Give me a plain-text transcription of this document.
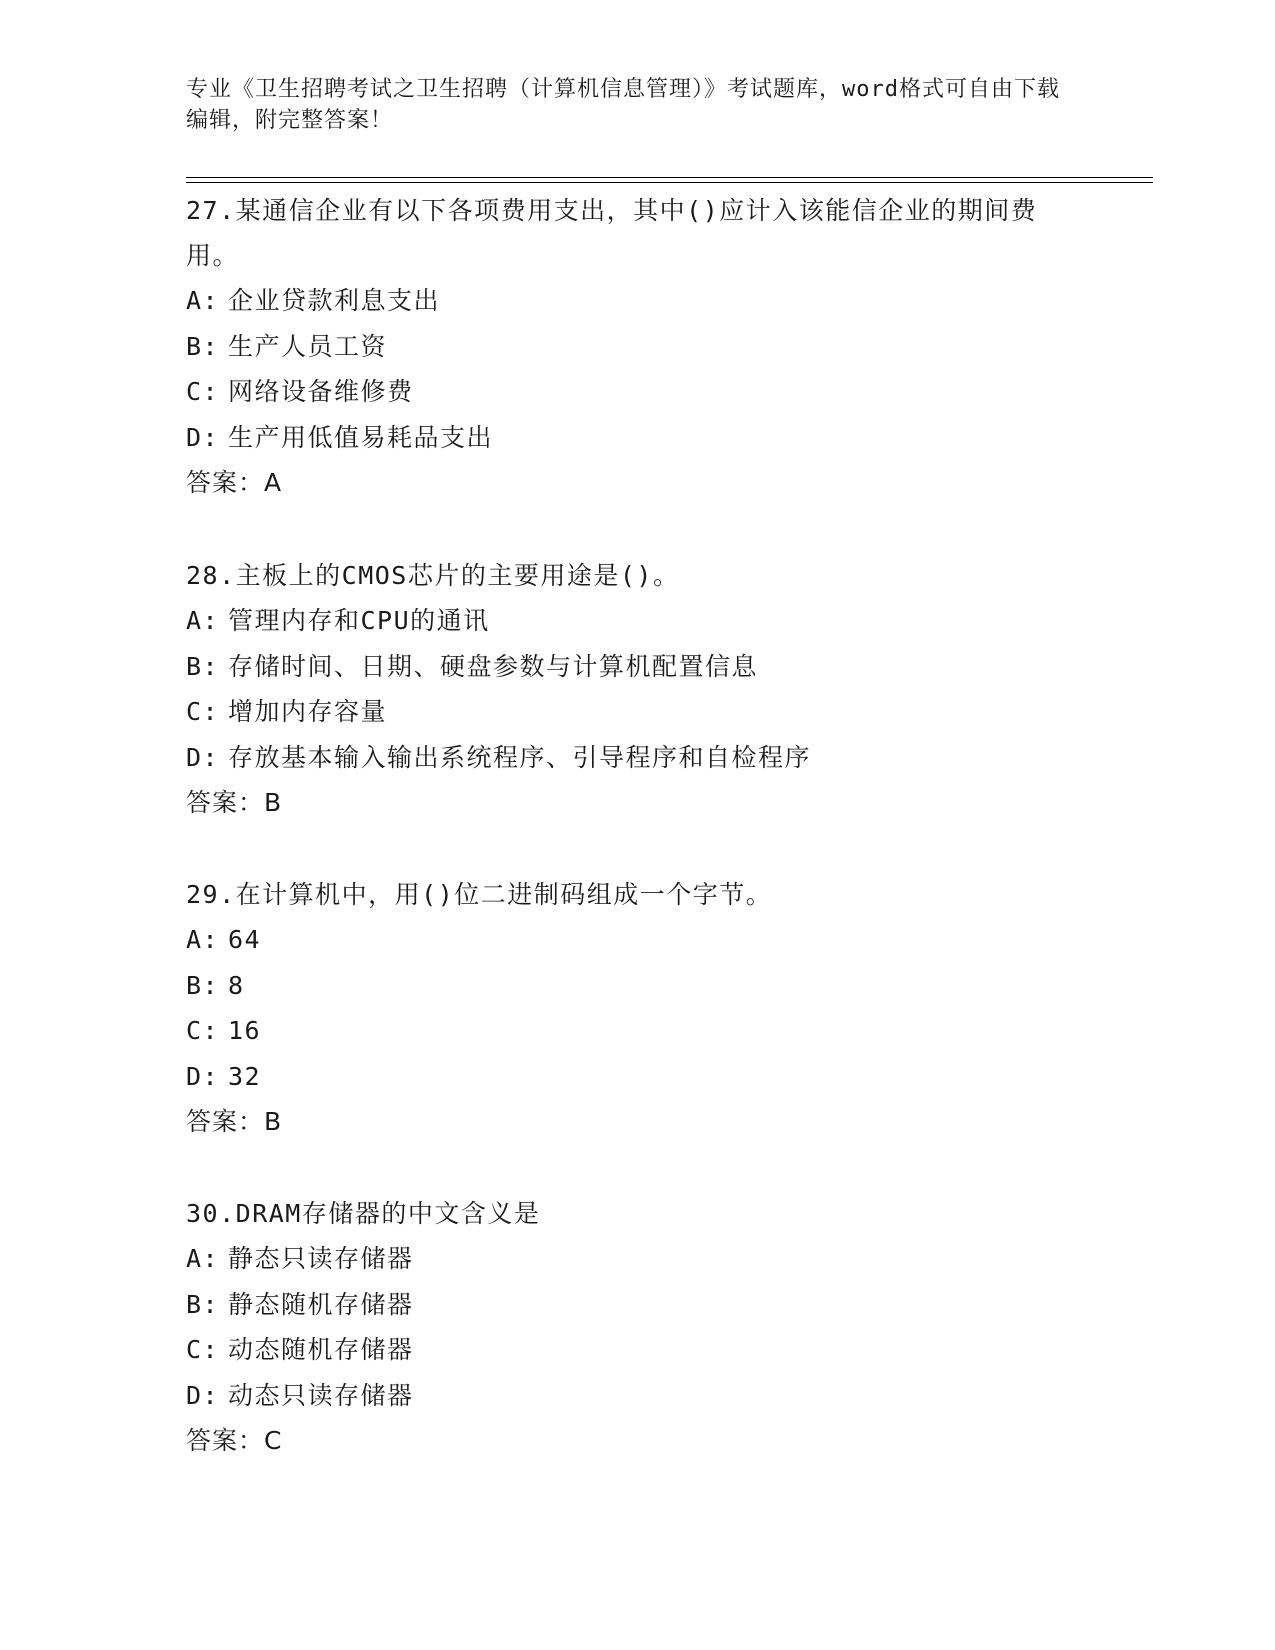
专业《卫生招聘考试之卫生招聘（计算机信息管理）》考试题库，word格式可自由下载编辑，附完整答案！

27.某通信企业有以下各项费用支出，其中()应计入该能信企业的期间费用。

A: 企业贷款利息支出

B: 生产人员工资

C: 网络设备维修费

D: 生产用低值易耗品支出

答案：A

28.主板上的CMOS芯片的主要用途是()。

A: 管理内存和CPU的通讯

B: 存储时间、日期、硬盘参数与计算机配置信息

C: 增加内存容量

D: 存放基本输入输出系统程序、引导程序和自检程序

答案：B

29.在计算机中，用()位二进制码组成一个字节。

A: 64

B: 8

C: 16

D: 32

答案：B

30.DRAM存储器的中文含义是

A: 静态只读存储器

B: 静态随机存储器

C: 动态随机存储器

D: 动态只读存储器

答案：C
